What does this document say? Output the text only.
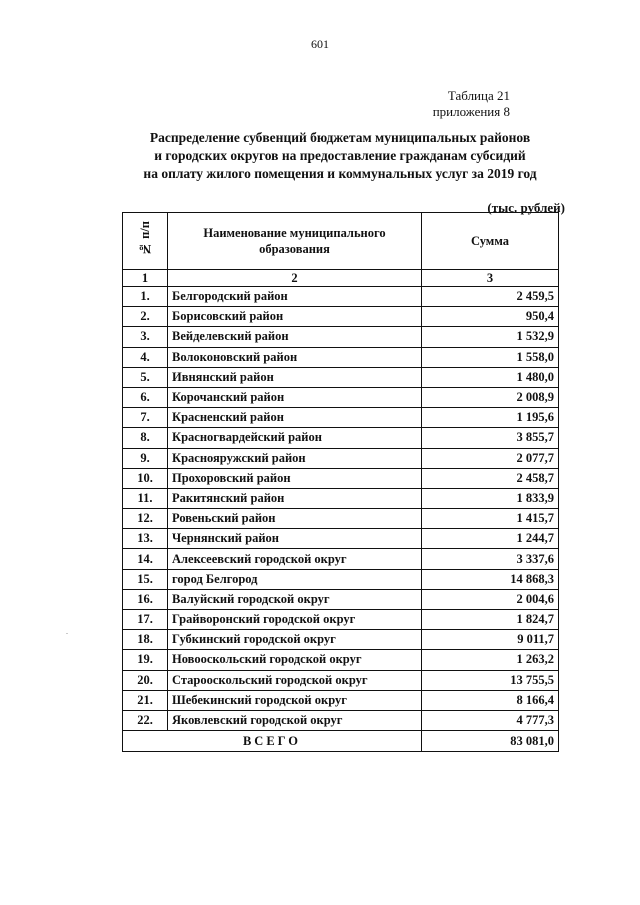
601
Таблица 21
приложения 8
Распределение субвенций бюджетам муниципальных районов
и городских округов на предоставление гражданам субсидий
на оплату жилого помещения и коммунальных услуг за 2019 год
(тыс. рублей)
.
№ п/п	Наименование муниципального образования	Сумма
1	2	3
1.	Белгородский район	2 459,5
2.	Борисовский район	950,4
3.	Вейделевский район	1 532,9
4.	Волоконовский район	1 558,0
5.	Ивнянский район	1 480,0
6.	Корочанский район	2 008,9
7.	Красненский район	1 195,6
8.	Красногвардейский район	3 855,7
9.	Краснояружский район	2 077,7
10.	Прохоровский район	2 458,7
11.	Ракитянский район	1 833,9
12.	Ровеньский район	1 415,7
13.	Чернянский район	1 244,7
14.	Алексеевский городской округ	3 337,6
15.	город Белгород	14 868,3
16.	Валуйский городской округ	2 004,6
17.	Грайворонский городской округ	1 824,7
18.	Губкинский городской округ	9 011,7
19.	Новооскольский городской округ	1 263,2
20.	Старооскольский городской округ	13 755,5
21.	Шебекинский городской округ	8 166,4
22.	Яковлевский городской округ	4 777,3
ВСЕГО		83 081,0
